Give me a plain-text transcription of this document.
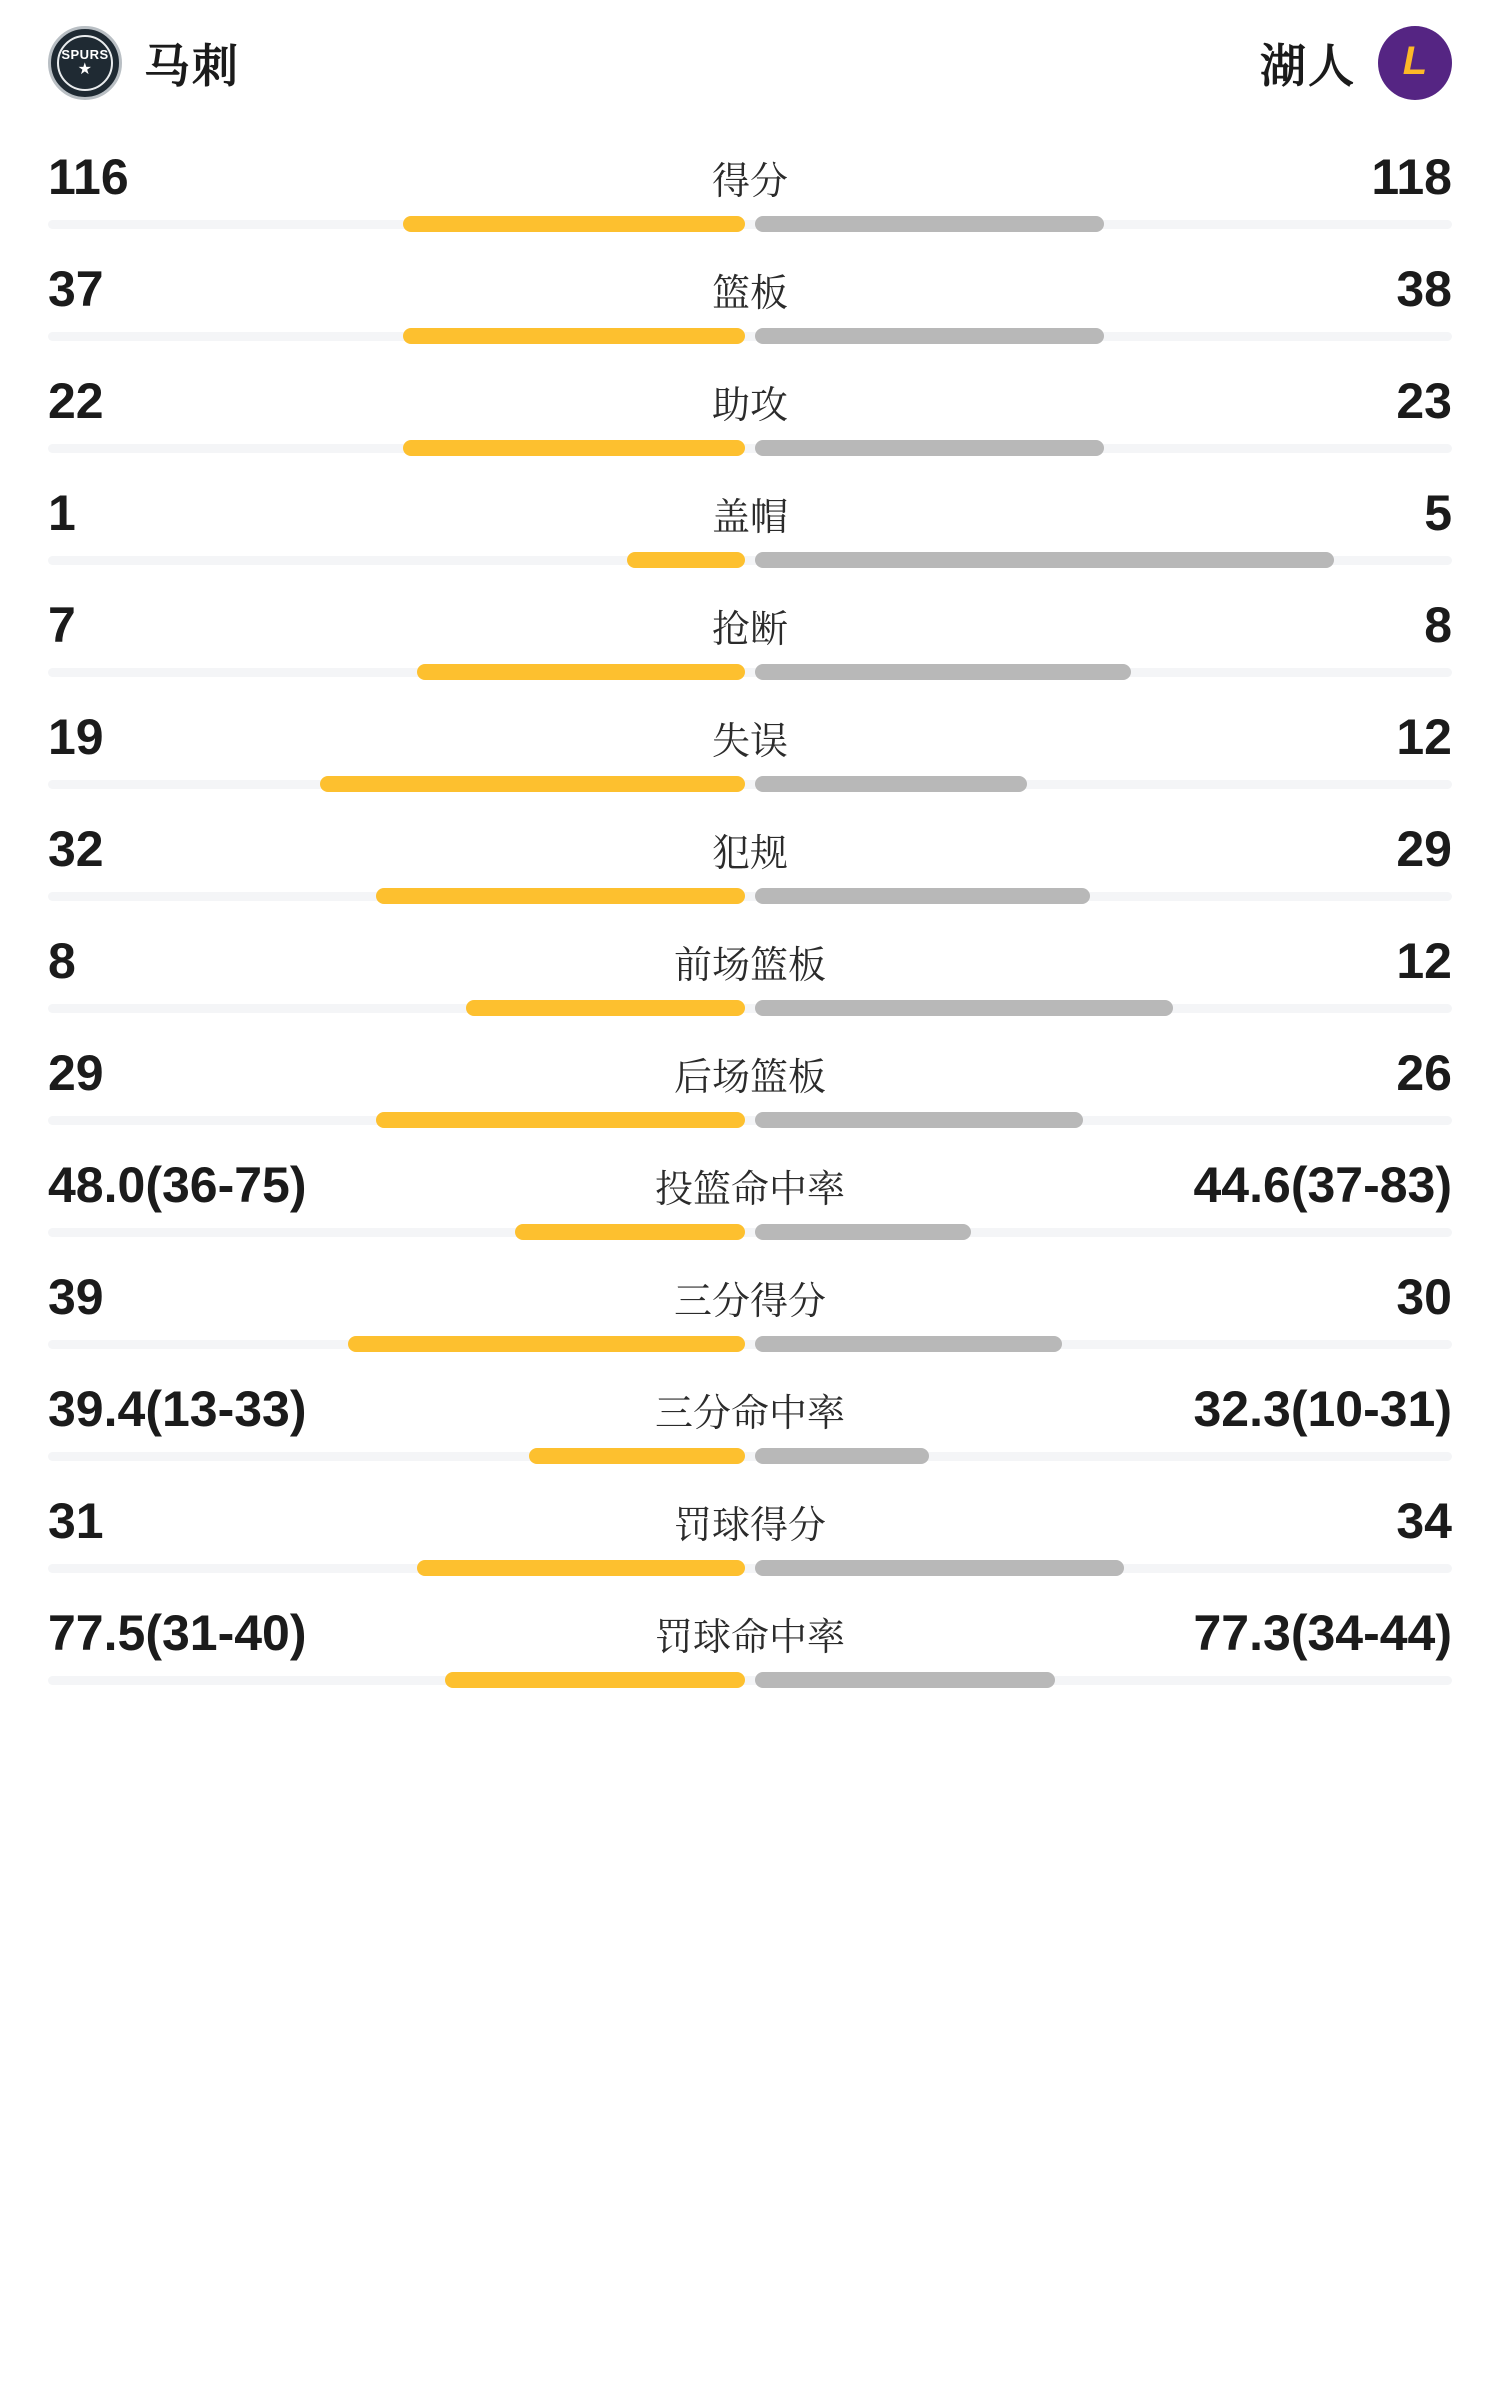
SPURS
★	马刺	湖人 L
116	得分	118
37	篮板	38
22	助攻	23
1	盖帽	5
7	抢断	8
19	失误	12
32	犯规	29
8	前场篮板	12
29	后场篮板	26
48.0(36-75)	投篮命中率	44.6(37-83)
39	三分得分	30
39.4(13-33)	三分命中率	32.3(10-31)
31	罚球得分	34
77.5(31-40)	罚球命中率	77.3(34-44)
